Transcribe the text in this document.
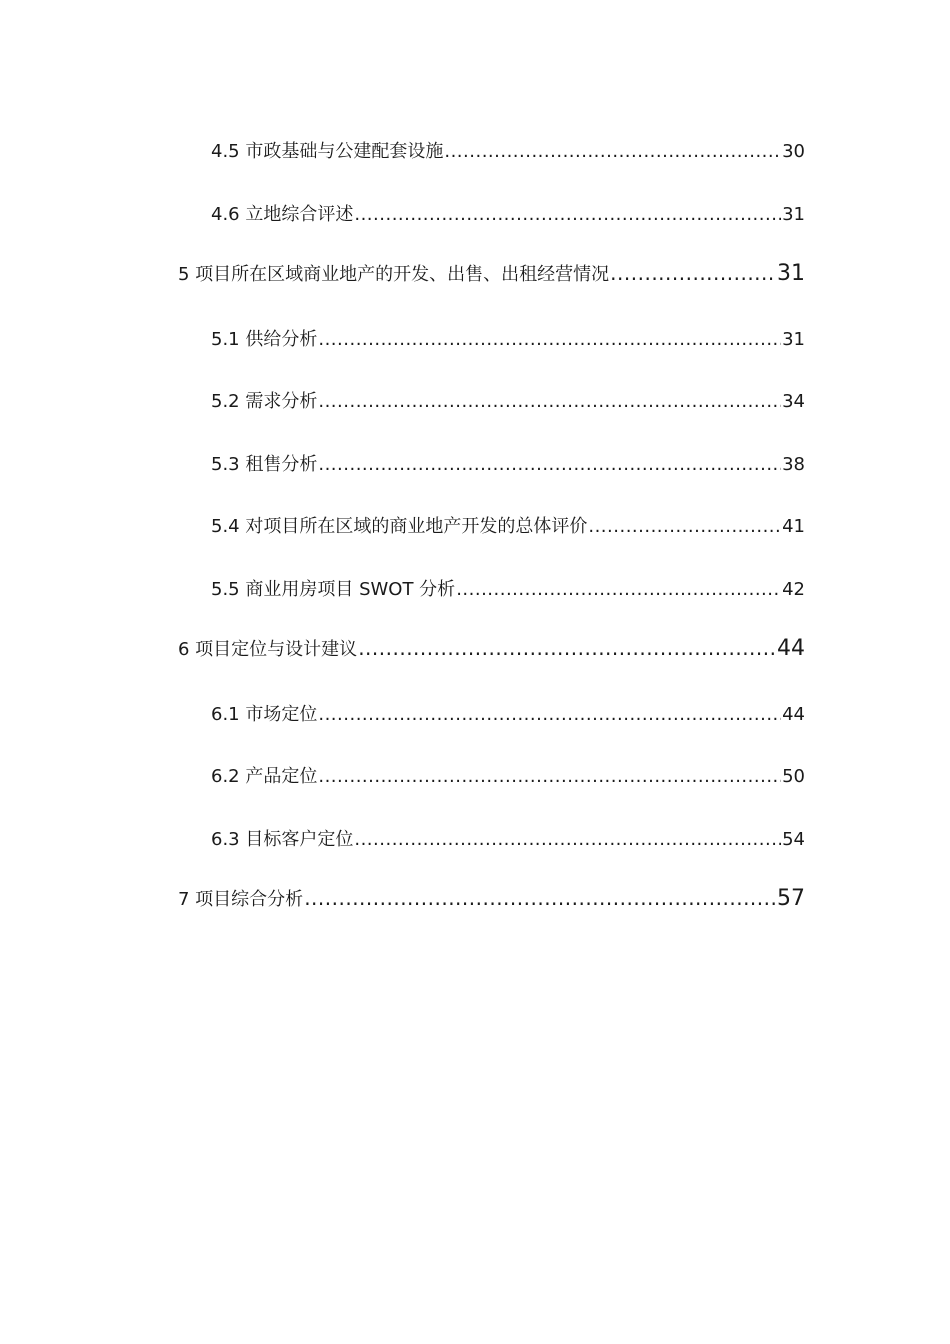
4.5 市政基础与公建配套设施 .....	30
4.6 立地综合评述 .....	31
5 项目所在区域商业地产的开发、出售、出租经营情况 .....	31
5.1 供给分析 .....	31
5.2 需求分析 .....	34
5.3 租售分析 .....	38
5.4 对项目所在区域的商业地产开发的总体评价 .....	41
5.5 商业用房项目 SWOT 分析 .....	42
6 项目定位与设计建议 .....	44
6.1 市场定位 .....	44
6.2 产品定位 .....	50
6.3 目标客户定位 .....	54
7 项目综合分析 .....	57
